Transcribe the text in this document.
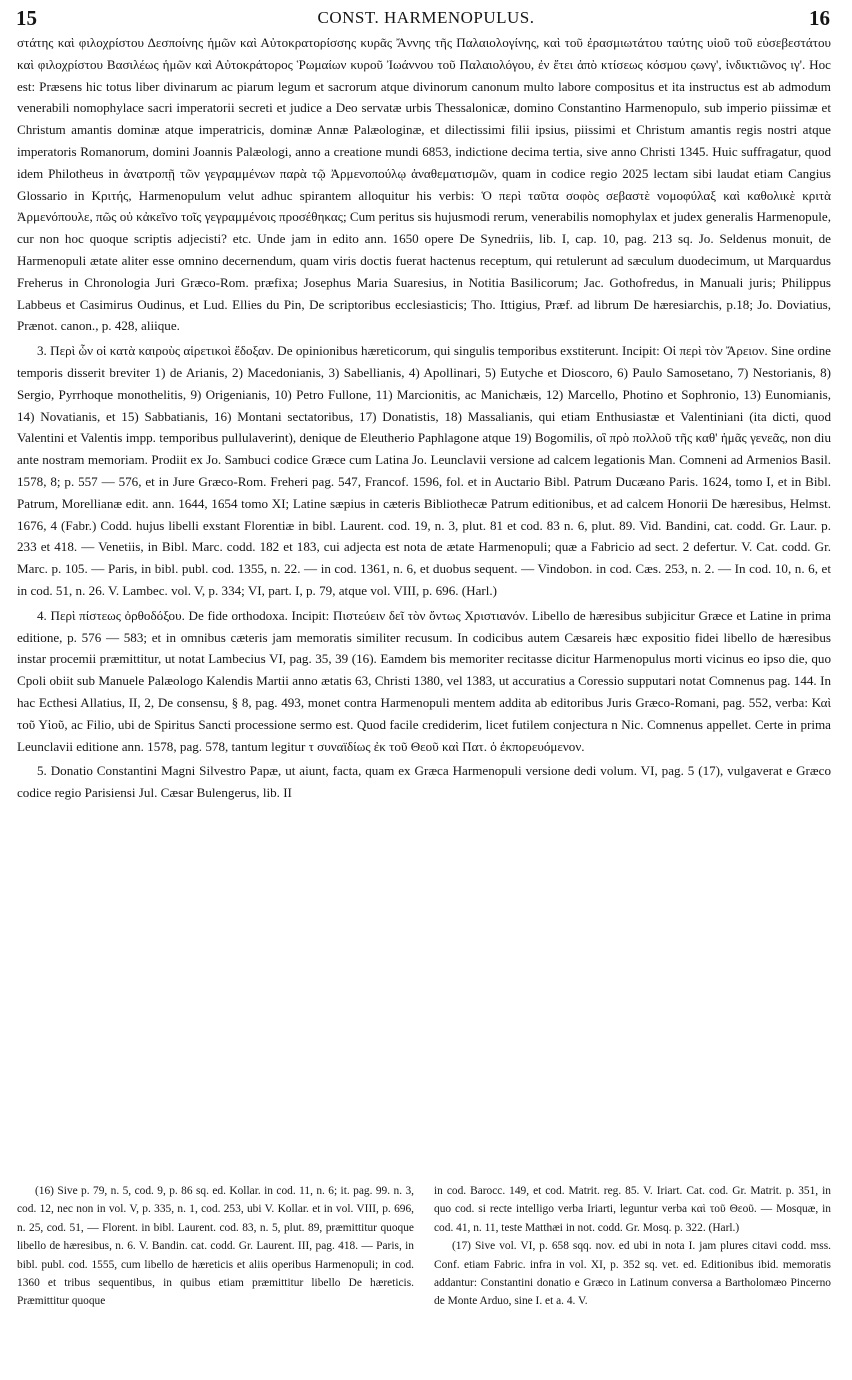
15	CONST. HARMENOPULUS.	16

στάτης καὶ φιλοχρίστου Δεσποίνης ἡμῶν καὶ Αὐτοκρατορίσσης κυρᾶς Ἄννης τῆς Παλαιολογίνης, καὶ τοῦ ἐρασμιωτάτου ταύτης υἱοῦ τοῦ εὐσεβεστάτου καὶ φιλοχρίστου Βασιλέως ἡμῶν καὶ Αὐτοκράτορος Ῥωμαίων κυροῦ Ἰωάννου τοῦ Παλαιολόγου, ἐν ἔτει ἀπὸ κτίσεως κόσμου ςωνγ', ἰνδικτιῶνος ιγ'. Hoc est: Præsens hic totus liber divinarum ac piarum legum et sacrorum atque divinorum canonum multo labore compositus et ita instructus est ab admodum venerabili nomophylace sacri imperatorii secreti et judice a Deo servatæ urbis Thessalonicæ, domino Constantino Harmenopulo, sub imperio piissimæ et Christum amantis dominæ atque imperatricis, dominæ Annæ Palæologinæ, et dilectissimi filii ipsius, piissimi et Christum amantis regis nostri atque imperatoris Romanorum, domini Joannis Palæologi, anno a creatione mundi 6853, indictione decima tertia, sive anno Christi 1345. Huic suffragatur, quod idem Philotheus in ἀνατροπῇ τῶν γεγραμμένων παρὰ τῷ Ἀρμενοπούλῳ ἀναθεματισμῶν, quam in codice regio 2025 lectam sibi laudat etiam Cangius Glossario in Κριτής, Harmenopulum velut adhuc spirantem alloquitur his verbis: Ὁ περὶ ταῦτα σοφὸς σεβαστὲ νομοφύλαξ καὶ καθολικὲ κριτὰ Ἀρμενόπουλε, πῶς οὐ κἀκεῖνο τοῖς γεγραμμένοις προσέθηκας; Cum peritus sis hujusmodi rerum, venerabilis nomophylax et judex generalis Harmenopule, cur non hoc quoque scriptis adjecisti? etc. Unde jam in edito ann. 1650 opere De Synedriis, lib. I, cap. 10, pag. 213 sq. Jo. Seldenus monuit, de Harmenopuli ætate aliter esse omnino decernendum, quam viris doctis fuerat hactenus receptum, qui retulerunt ad sæculum duodecimum, ut Marquardus Freherus in Chronologia Juri Græco-Rom. præfixa; Josephus Maria Suaresius, in Notitia Basilicorum; Jac. Gothofredus, in Manuali juris; Philippus Labbeus et Casimirus Oudinus, et Lud. Ellies du Pin, De scriptoribus ecclesiasticis; Tho. Ittigius, Præf. ad librum De hæresiarchis, p.18; Jo. Doviatius, Prænot. canon., p. 428, aliique.

3. Περὶ ὧν οἱ κατὰ καιροὺς αἱρετικοὶ ἔδοξαν. De opinionibus hæreticorum, qui singulis temporibus exstiterunt. Incipit: Οἱ περὶ τὸν Ἄρειον. Sine ordine temporis disserit breviter 1) de Arianis, 2) Macedonianis, 3) Sabellianis, 4) Apollinari, 5) Eutyche et Dioscoro, 6) Paulo Samosetano, 7) Nestorianis, 8) Sergio, Pyrrhoque monothelitis, 9) Origenianis, 10) Petro Fullone, 11) Marcionitis, ac Manichæis, 12) Marcello, Photino et Sophronio, 13) Eunomianis, 14) Novatianis, et 15) Sabbatianis, 16) Montani sectatoribus, 17) Donatistis, 18) Massalianis, qui etiam Enthusiastæ et Valentiniani (ita dicti, quod Valentini et Valentis impp. temporibus pullulaverint), denique de Eleutherio Paphlagone atque 19) Bogomilis, οἳ πρὸ πολλοῦ τῆς καθ' ἡμᾶς γενεᾶς, non diu ante nostram memoriam. Prodiit ex Jo. Sambuci codice Græce cum Latina Jo. Leunclavii versione ad calcem legationis Man. Comneni ad Armenios Basil. 1578, 8; p. 557 — 576, et in Jure Græco-Rom. Freheri pag. 547, Francof. 1596, fol. et in Auctario Bibl. Patrum Ducæano Paris. 1624, tomo I, et in Bibl. Patrum, Morellianæ edit. ann. 1644, 1654 tomo XI; Latine sæpius in cæteris Bibliothecæ Patrum editionibus, et ad calcem Honorii De hæresibus, Helmst. 1676, 4 (Fabr.) Codd. hujus libelli exstant Florentiæ in bibl. Laurent. cod. 19, n. 3, plut. 81 et cod. 83 n. 6, plut. 89. Vid. Bandini, cat. codd. Gr. Laur. p. 233 et 418. — Venetiis, in Bibl. Marc. codd. 182 et 183, cui adjecta est nota de ætate Harmenopuli; quæ a Fabricio ad sect. 2 defertur. V. Cat. codd. Gr. Marc. p. 105. — Paris, in bibl. publ. cod. 1355, n. 22. — in cod. 1361, n. 6, et duobus sequent. — Vindobon. in cod. Cæs. 253, n. 2. — In cod. 10, n. 6, et in cod. 51, n. 26. V. Lambec. vol. V, p. 334; VI, part. I, p. 79, atque vol. VIII, p. 696. (Harl.)

4. Περὶ πίστεως ὀρθοδόξου. De fide orthodoxa. Incipit: Πιστεύειν δεῖ τὸν ὄντως Χριστιανόν. Libello de hæresibus subjicitur Græce et Latine in prima editione, p. 576 — 583; et in omnibus cæteris jam memoratis similiter recusum. In codicibus autem Cæsareis hæc expositio fidei libello de hæresibus instar procemii præmittitur, ut notat Lambecius VI, pag. 35, 39 (16). Eamdem bis memoriter recitasse dicitur Harmenopulus morti vicinus eo ipso die, quo Cpoli obiit sub Manuele Palæologo Kalendis Martii anno ætatis 63, Christi 1380, vel 1383, ut accuratius a Coressio supputari notat Comnenus pag. 144. In hac Ecthesi Allatius, II, 2, De consensu, § 8, pag. 493, monet contra Harmenopuli mentem addita ab editoribus Juris Græco-Romani, pag. 552, verba: Καὶ τοῦ Υἱοῦ, ac Filio, ubi de Spiritus Sancti processione sermo est. Quod facile crediderim, licet futilem conjectura n Nic. Comnenus appellet. Certe in prima Leunclavii editione ann. 1578, pag. 578, tantum legitur τ συναϊδίως ἐκ τοῦ Θεοῦ καὶ Πατ. ὁ ἐκπορευόμενον.

5. Donatio Constantini Magni Silvestro Papæ, ut aiunt, facta, quam ex Græca Harmenopuli versione dedi volum. VI, pag. 5 (17), vulgaverat e Græco codice regio Parisiensi Jul. Cæsar Bulengerus, lib. II

(16) Sive p. 79, n. 5, cod. 9, p. 86 sq. ed. Kollar. in cod. 11, n. 6; it. pag. 99. n. 3, cod. 12, nec non in vol. V, p. 335, n. 1, cod. 253, ubi V. Kollar. et in vol. VIII, p. 696, n. 25, cod. 51, — Florent. in bibl. Laurent. cod. 83, n. 5, plut. 89, præmittitur quoque libello de hæresibus, n. 6. V. Bandin. cat. codd. Gr. Laurent. III, pag. 418. — Paris, in bibl. publ. cod. 1555, cum libello de hæreticis et aliis operibus Harmenopuli; in cod. 1360 et tribus sequentibus, in quibus etiam præmittitur libello De hæreticis. Præmittitur quoque

in cod. Barocc. 149, et cod. Matrit. reg. 85. V. Iriart. Cat. cod. Gr. Matrit. p. 351, in quo cod. si recte intelligo verba Iriarti, leguntur verba καὶ τοῦ Θεοῦ. — Mosquæ, in cod. 41, n. 11, teste Matthæi in not. codd. Gr. Mosq. p. 322. (Harl.)

(17) Sive vol. VI, p. 658 sqq. nov. ed ubi in nota I. jam plures citavi codd. mss. Conf. etiam Fabric. infra in vol. XI, p. 352 sq. vet. ed. Editionibus ibid. memoratis addantur: Constantini donatio e Græco in Latinum conversa a Bartholomæo Pincerno de Monte Arduo, sine I. et a. 4. V.
